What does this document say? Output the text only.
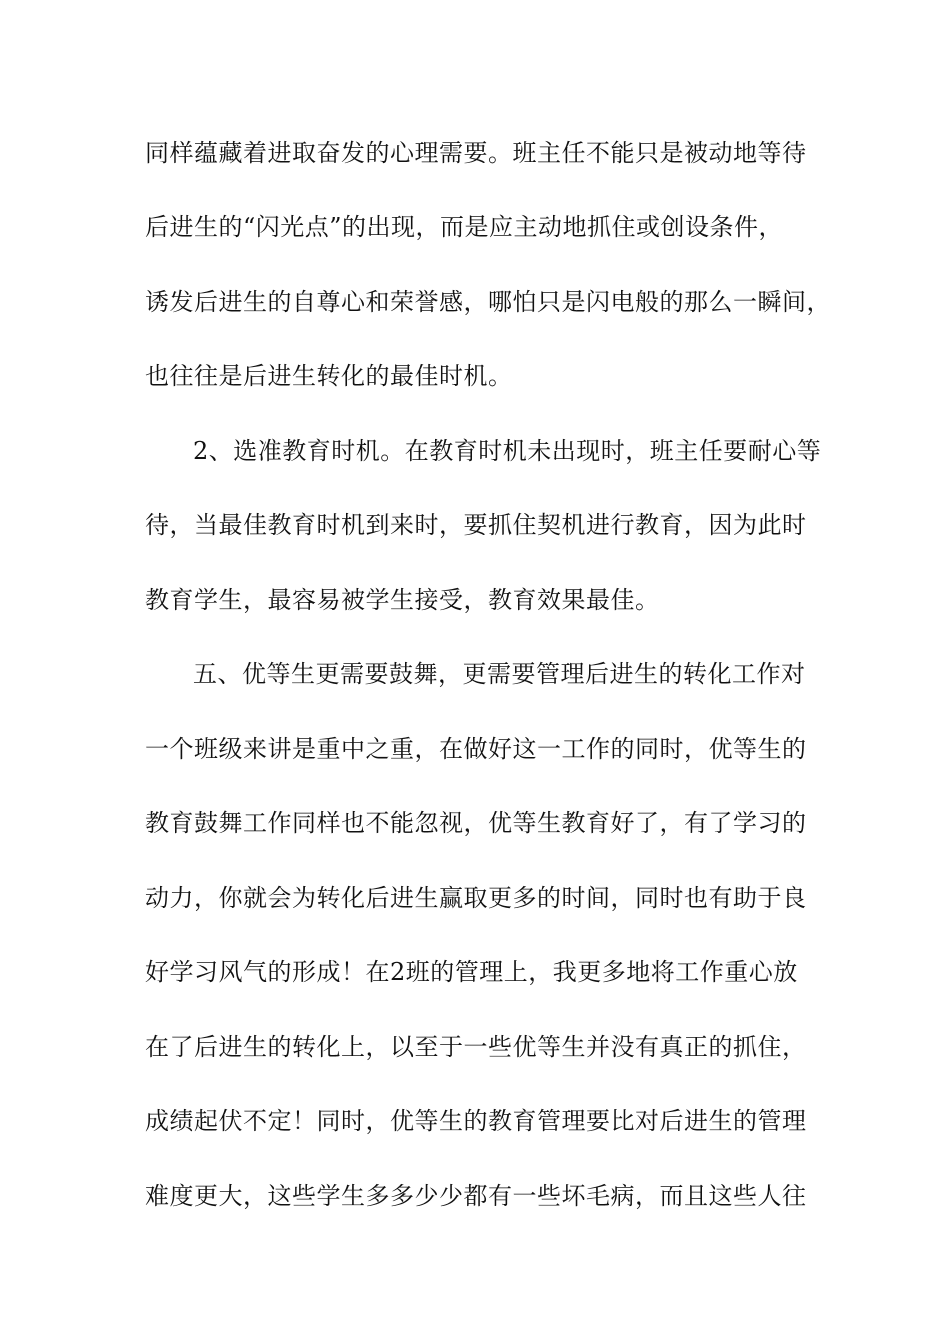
同样蕴藏着进取奋发的心理需要。班主任不能只是被动地等待
后进生的“闪光点”的出现，而是应主动地抓住或创设条件，
诱发后进生的自尊心和荣誉感，哪怕只是闪电般的那么一瞬间，
也往往是后进生转化的最佳时机。
2、选准教育时机。在教育时机未出现时，班主任要耐心等
待，当最佳教育时机到来时，要抓住契机进行教育，因为此时
教育学生，最容易被学生接受，教育效果最佳。
五、优等生更需要鼓舞，更需要管理后进生的转化工作对
一个班级来讲是重中之重，在做好这一工作的同时，优等生的
教育鼓舞工作同样也不能忽视，优等生教育好了，有了学习的
动力，你就会为转化后进生赢取更多的时间，同时也有助于良
好学习风气的形成！在2班的管理上，我更多地将工作重心放
在了后进生的转化上，以至于一些优等生并没有真正的抓住，
成绩起伏不定！同时，优等生的教育管理要比对后进生的管理
难度更大，这些学生多多少少都有一些坏毛病，而且这些人往
